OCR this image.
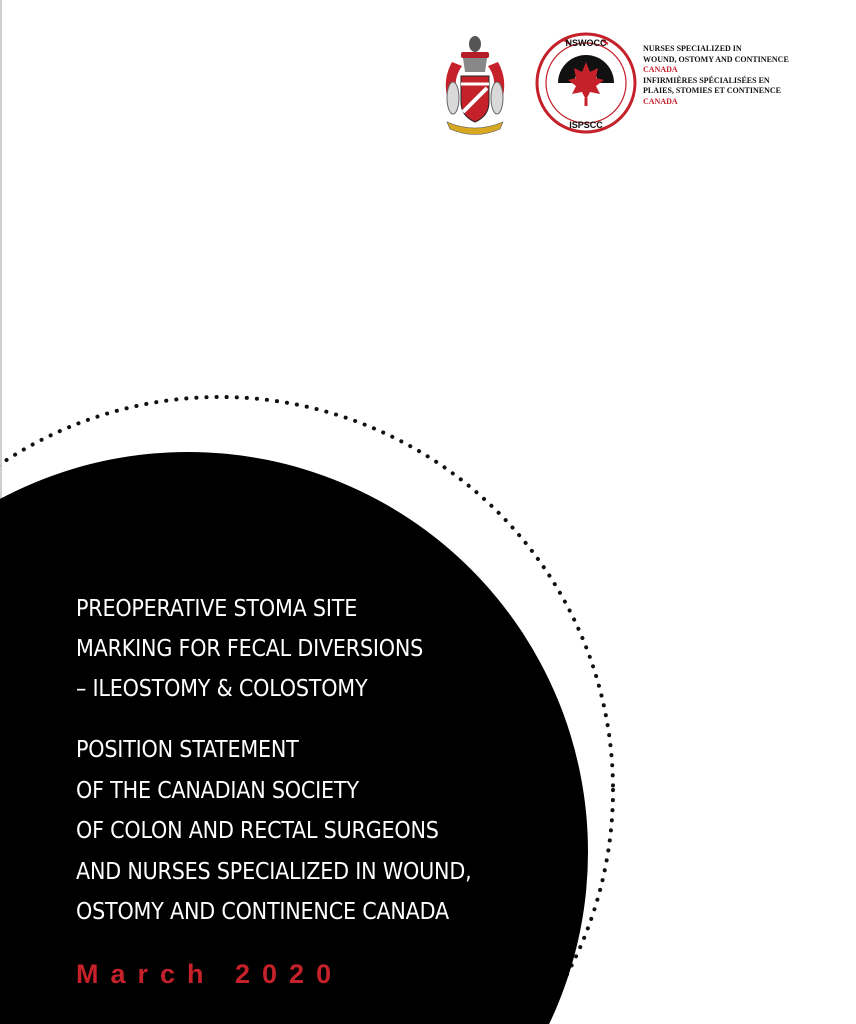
NSWOCC
ISPSCC
NURSES SPECIALIZED IN
WOUND, OSTOMY AND CONTINENCE
CANADA
INFIRMIÈRES SPÉCIALISÉES EN
PLAIES, STOMIES ET CONTINENCE
CANADA
PREOPERATIVE STOMA SITE
MARKING FOR FECAL DIVERSIONS
– ILEOSTOMY & COLOSTOMY
POSITION STATEMENT
OF THE CANADIAN SOCIETY
OF COLON AND RECTAL SURGEONS
AND NURSES SPECIALIZED IN WOUND,
OSTOMY AND CONTINENCE CANADA
March 2020
